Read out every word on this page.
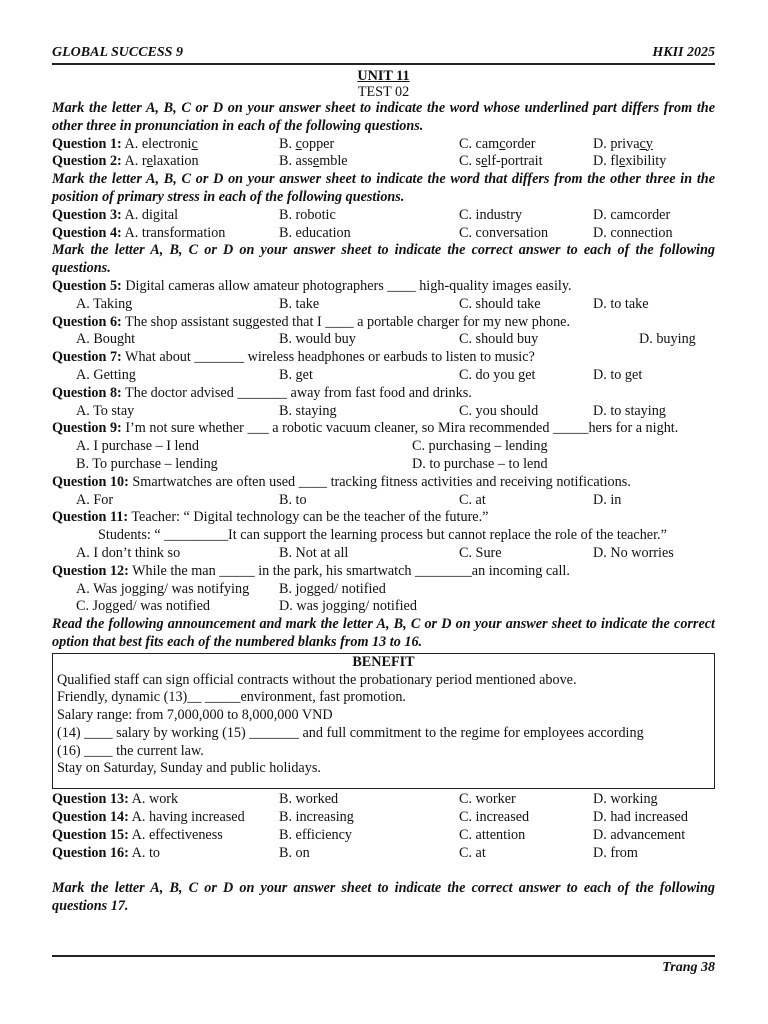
GLOBAL SUCCESS 9	HKII 2025
UNIT 11
TEST 02
Mark the letter A, B, C or D on your answer sheet to indicate the word whose underlined part differs from the other three in pronunciation in each of the following questions.
Question 1: A. electronic	B. copper	C. camcorder	D. privacy
Question 2: A. relaxation	B. assemble	C. self-portrait	D. flexibility
Mark the letter A, B, C or D on your answer sheet to indicate the word that differs from the other three in the position of primary stress in each of the following questions.
Question 3: A. digital	B. robotic	C. industry	D. camcorder
Question 4: A. transformation	B. education	C. conversation	D. connection
Mark the letter A, B, C or D on your answer sheet to indicate the correct answer to each of the following questions.
Question 5: Digital cameras allow amateur photographers ____ high-quality images easily.
A. Taking	B. take	C. should take	D. to take
Question 6: The shop assistant suggested that I ____ a portable charger for my new phone.
A. Bought	B. would buy	C. should buy	D. buying
Question 7: What about _______ wireless headphones or earbuds to listen to music?
A. Getting	B. get	C. do you get	D. to get
Question 8: The doctor advised _______ away from fast food and drinks.
A. To stay	B. staying	C. you should	D. to staying
Question 9: I’m not sure whether ___ a robotic vacuum cleaner, so Mira recommended _____hers for a night.
A. I purchase – I lend	C. purchasing – lending
B. To purchase – lending	D. to purchase – to lend
Question 10: Smartwatches are often used ____ tracking fitness activities and receiving notifications.
A. For	B. to	C. at	D. in
Question 11: Teacher: “ Digital technology can be the teacher of the future.”
Students: “ _________It can support the learning process but cannot replace the role of the teacher.”
A. I don’t think so	B. Not at all	C. Sure	D. No worries
Question 12: While the man _____ in the park, his smartwatch ________an incoming call.
A. Was jogging/ was notifying B. jogged/ notified
C. Jogged/ was notified	D. was jogging/ notified
Read the following announcement and mark the letter A, B, C or D on your answer sheet to indicate the correct option that best fits each of the numbered blanks from 13 to 16.
BENEFIT
Qualified staff can sign official contracts without the probationary period mentioned above.
Friendly, dynamic (13)__ _____environment, fast promotion.
Salary range: from 7,000,000 to 8,000,000 VND
(14) ____ salary by working (15) _______ and full commitment to the regime for employees according
(16) ____ the current law.
Stay on Saturday, Sunday and public holidays.
Question 13: A. work	B. worked	C. worker	D. working
Question 14: A. having increased B. increasing	C. increased	D. had increased
Question 15: A. effectiveness	B. efficiency	C. attention	D. advancement
Question 16: A. to	B. on	C. at	D. from
Mark the letter A, B, C or D on your answer sheet to indicate the correct answer to each of the following questions 17.
Trang 38
